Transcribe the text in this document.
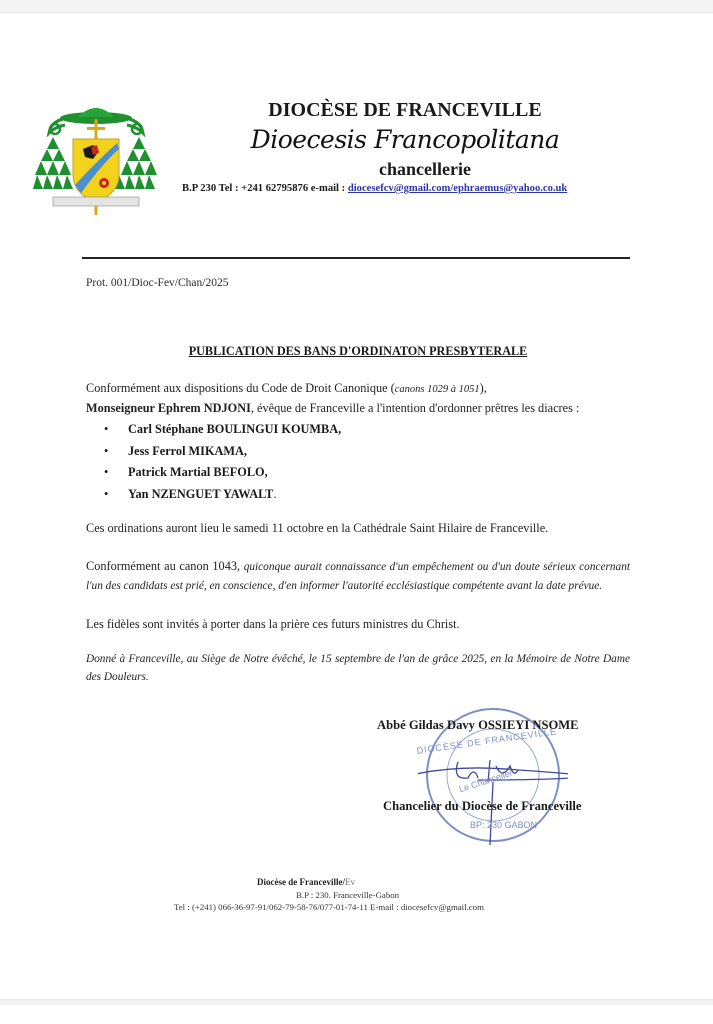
DIOCÈSE DE FRANCEVILLE
Dioecesis Francopolitana
chancellerie
B.P 230 Tel : +241 62795876 e-mail : diocesefcv@gmail.com/ephraemus@yahoo.co.uk
Prot. 001/Dioc-Fev/Chan/2025
PUBLICATION DES BANS D'ORDINATON PRESBYTERALE
Conformément aux dispositions du Code de Droit Canonique (canons 1029 à 1051),
Monseigneur Ephrem NDJONI, évêque de Franceville a l'intention d'ordonner prêtres les diacres :
• Carl Stéphane BOULINGUI KOUMBA,
• Jess Ferrol MIKAMA,
• Patrick Martial BEFOLO,
• Yan NZENGUET YAWALT.
Ces ordinations auront lieu le samedi 11 octobre en la Cathédrale Saint Hilaire de Franceville.
Conformément au canon 1043, quiconque aurait connaissance d'un empêchement ou d'un doute sérieux concernant l'un des candidats est prié, en conscience, d'en informer l'autorité ecclésiastique compétente avant la date prévue.
Les fidèles sont invités à porter dans la prière ces futurs ministres du Christ.
Donné à Franceville, au Siège de Notre évêché, le 15 septembre de l'an de grâce 2025, en la Mémoire de Notre Dame des Douleurs.
DIOCÈSE DE FRANCEVILLE
Le Chancelier
BP: 230 GABON
Abbé Gildas Davy OSSIEYI NSOME
Chancelier du Diocèse de Franceville
Diocèse de Franceville/Ev
B.P : 230. Franceville-Gabon
Tel : (+241) 066-36-97-91/062-79-58-76/077-01-74-11 E-mail : diocesefcv@gmail.com
